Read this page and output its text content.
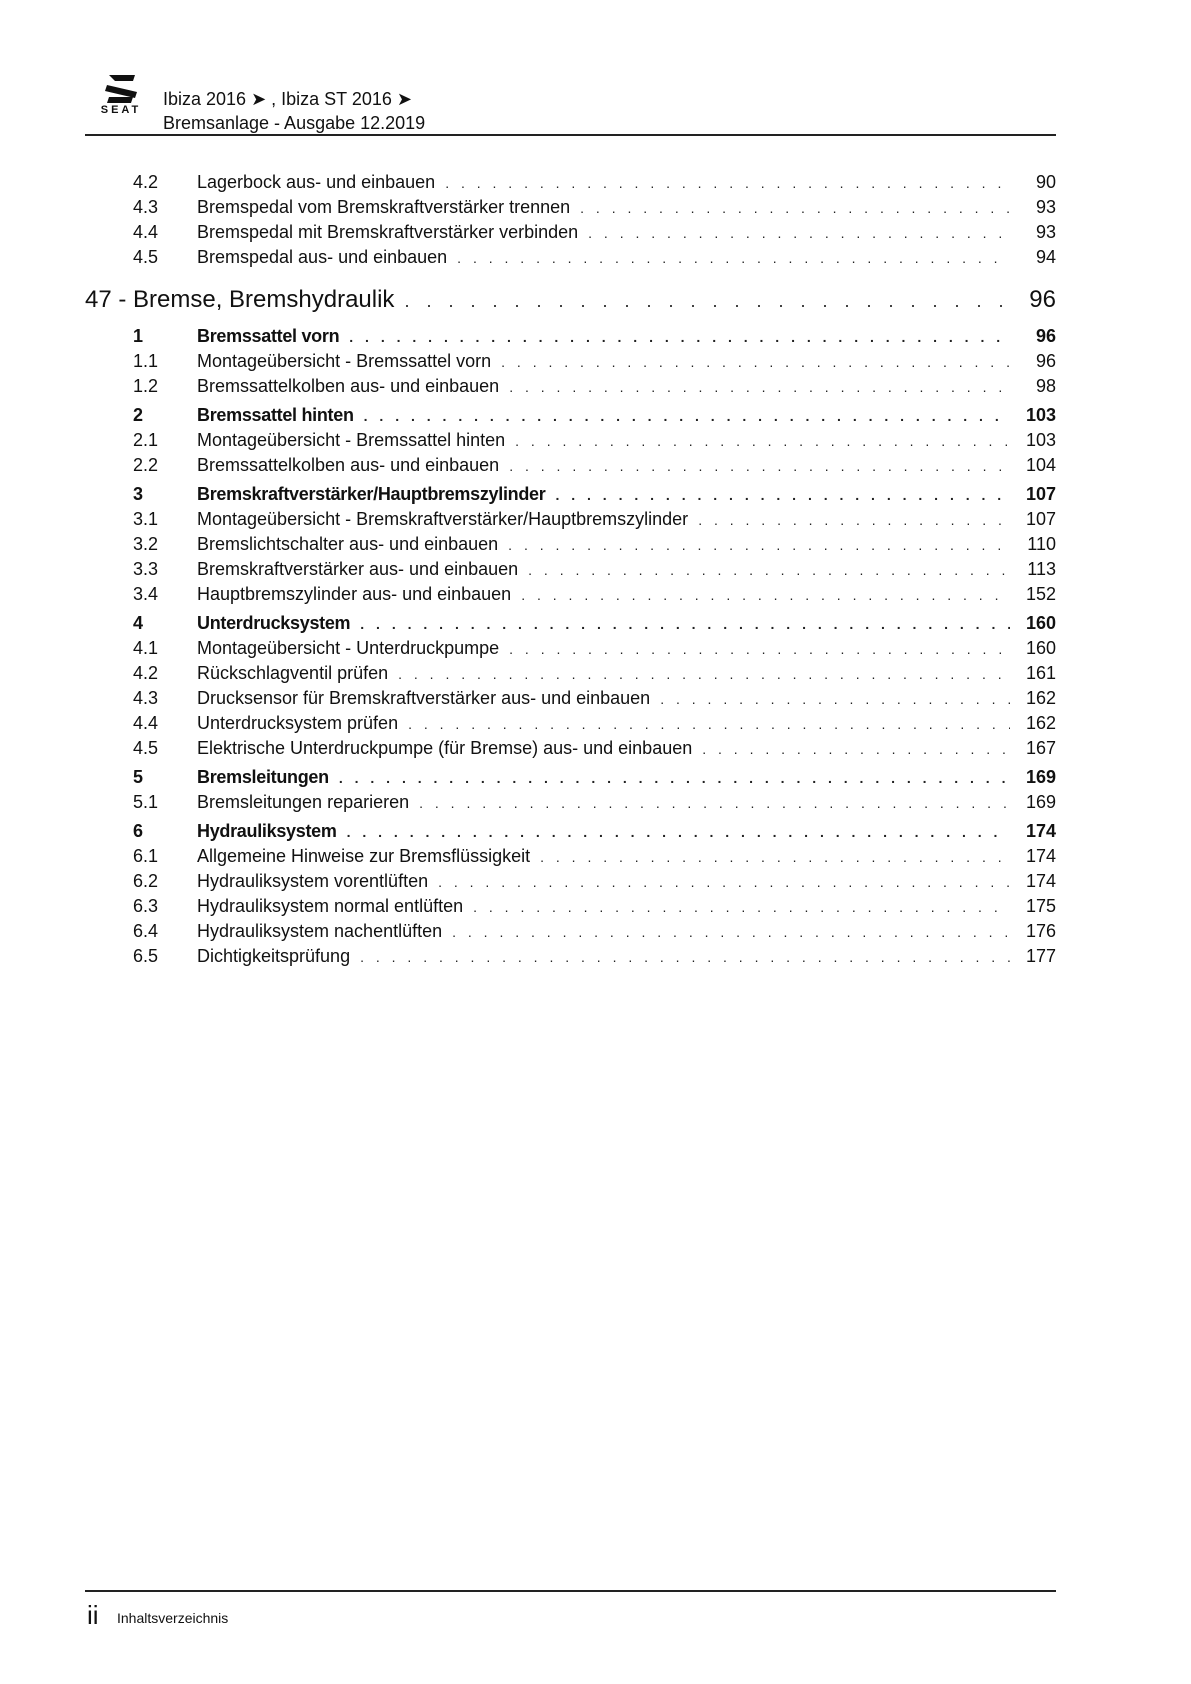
SEAT
Ibiza 2016 ➤ , Ibiza ST 2016 ➤
Bremsanlage - Ausgabe 12.2019
4.2	Lagerbock aus- und einbauen . . .	90
4.3	Bremspedal vom Bremskraftverstärker trennen . . .	93
4.4	Bremspedal mit Bremskraftverstärker verbinden . . .	93
4.5	Bremspedal aus- und einbauen . . .	94
47 - Bremse, Bremshydraulik . . .	96
1	Bremssattel vorn . . .	96
1.1	Montageübersicht - Bremssattel vorn . . .	96
1.2	Bremssattelkolben aus- und einbauen . . .	98
2	Bremssattel hinten . . .	103
2.1	Montageübersicht - Bremssattel hinten . . .	103
2.2	Bremssattelkolben aus- und einbauen . . .	104
3	Bremskraftverstärker/Hauptbremszylinder . . .	107
3.1	Montageübersicht - Bremskraftverstärker/Hauptbremszylinder . . .	107
3.2	Bremslichtschalter aus- und einbauen . . .	110
3.3	Bremskraftverstärker aus- und einbauen . . .	113
3.4	Hauptbremszylinder aus- und einbauen . . .	152
4	Unterdrucksystem . . .	160
4.1	Montageübersicht - Unterdruckpumpe . . .	160
4.2	Rückschlagventil prüfen . . .	161
4.3	Drucksensor für Bremskraftverstärker aus- und einbauen . . .	162
4.4	Unterdrucksystem prüfen . . .	162
4.5	Elektrische Unterdruckpumpe (für Bremse) aus- und einbauen . . .	167
5	Bremsleitungen . . .	169
5.1	Bremsleitungen reparieren . . .	169
6	Hydrauliksystem . . .	174
6.1	Allgemeine Hinweise zur Bremsflüssigkeit . . .	174
6.2	Hydrauliksystem vorentlüften . . .	174
6.3	Hydrauliksystem normal entlüften . . .	175
6.4	Hydrauliksystem nachentlüften . . .	176
6.5	Dichtigkeitsprüfung . . .	177
ii Inhaltsverzeichnis
